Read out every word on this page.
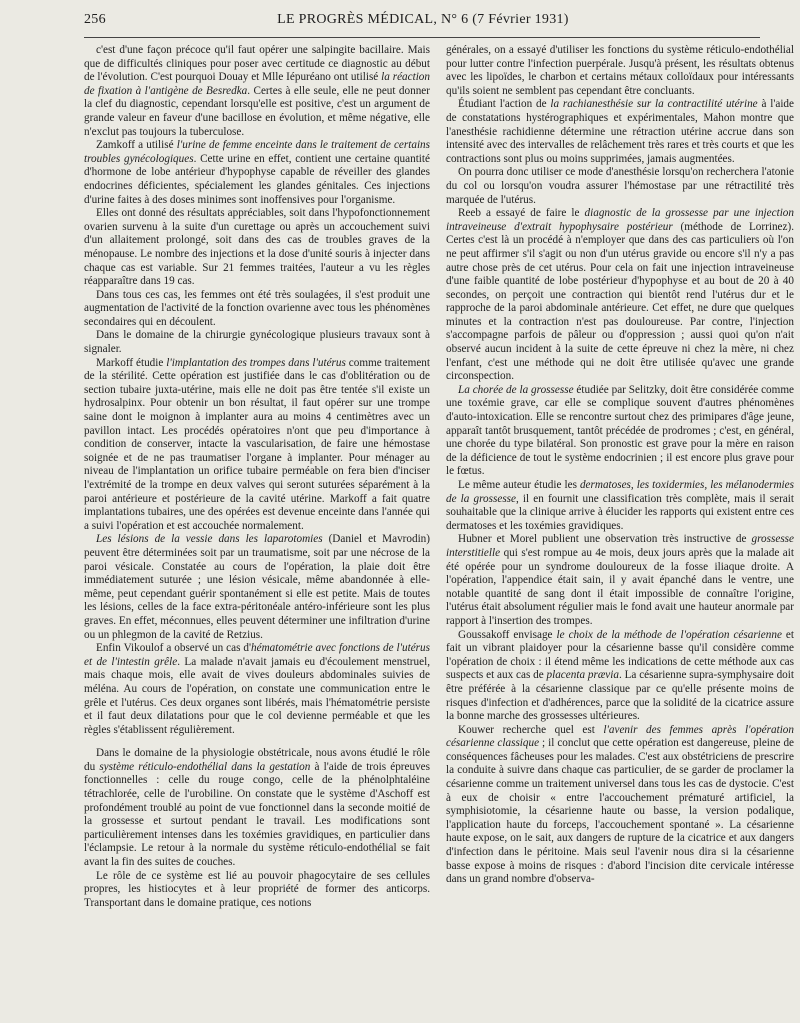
256	LE PROGRÈS MÉDICAL, N° 6 (7 Février 1931)

c'est d'une façon précoce qu'il faut opérer une salpingite bacillaire. Mais que de difficultés cliniques pour poser avec certitude ce diagnostic au début de l'évolution. C'est pourquoi Douay et Mlle Iépuréano ont utilisé la réaction de fixation à l'antigène de Besredka. Certes à elle seule, elle ne peut donner la clef du diagnostic, cependant lorsqu'elle est positive, c'est un argument de grande valeur en faveur d'une bacillose en évolution, et même négative, elle n'exclut pas toujours la tuberculose.

Zamkoff a utilisé l'urine de femme enceinte dans le traitement de certains troubles gynécologiques. Cette urine en effet, contient une certaine quantité d'hormone de lobe antérieur d'hypophyse capable de réveiller des glandes endocrines déficientes, spécialement les glandes génitales. Ces injections d'urine faites à des doses minimes sont inoffensives pour l'organisme.

Elles ont donné des résultats appréciables, soit dans l'hypofonctionnement ovarien survenu à la suite d'un curettage ou après un accouchement suivi d'un allaitement prolongé, soit dans des cas de troubles graves de la ménopause. Le nombre des injections et la dose d'unité souris à injecter dans chaque cas est variable. Sur 21 femmes traitées, l'auteur a vu les règles réapparaître dans 19 cas.

Dans tous ces cas, les femmes ont été très soulagées, il s'est produit une augmentation de l'activité de la fonction ovarienne avec tous les phénomènes secondaires qui en découlent.

Dans le domaine de la chirurgie gynécologique plusieurs travaux sont à signaler.

Markoff étudie l'implantation des trompes dans l'utérus comme traitement de la stérilité. Cette opération est justifiée dans le cas d'oblitération ou de section tubaire juxta-utérine, mais elle ne doit pas être tentée s'il existe un hydrosalpinx. Pour obtenir un bon résultat, il faut opérer sur une trompe saine dont le moignon à implanter aura au moins 4 centimètres avec un pavillon intact. Les procédés opératoires n'ont que peu d'importance à condition de conserver, intacte la vascularisation, de faire une hémostase soignée et de ne pas traumatiser l'organe à implanter. Pour ménager au niveau de l'implantation un orifice tubaire perméable on fera bien d'inciser l'extrémité de la trompe en deux valves qui seront suturées séparément à la paroi antérieure et postérieure de la cavité utérine. Markoff a fait quatre implantations tubaires, une des opérées est devenue enceinte dans l'année qui a suivi l'opération et est accouchée normalement.

Les lésions de la vessie dans les laparotomies (Daniel et Mavrodin) peuvent être déterminées soit par un traumatisme, soit par une nécrose de la paroi vésicale. Constatée au cours de l'opération, la plaie doit être immédiatement suturée ; une lésion vésicale, même abandonnée à elle-même, peut cependant guérir spontanément si elle est petite. Mais de toutes les lésions, celles de la face extra-péritonéale antéro-inférieure sont les plus graves. En effet, méconnues, elles peuvent déterminer une infiltration d'urine ou un phlegmon de la cavité de Retzius.

Enfin Vikoulof a observé un cas d'hématométrie avec fonctions de l'utérus et de l'intestin grêle. La malade n'avait jamais eu d'écoulement menstruel, mais chaque mois, elle avait de vives douleurs abdominales suivies de méléna. Au cours de l'opération, on constate une communication entre le grêle et l'utérus. Ces deux organes sont libérés, mais l'hématométrie persiste et il faut deux dilatations pour que le col devienne perméable et que les règles s'établissent régulièrement.

Dans le domaine de la physiologie obstétricale, nous avons étudié le rôle du système réticulo-endothélial dans la gestation à l'aide de trois épreuves fonctionnelles : celle du rouge congo, celle de la phénolphtaléine tétrachlorée, celle de l'urobiline. On constate que le système d'Aschoff est profondément troublé au point de vue fonctionnel dans la seconde moitié de la grossesse et surtout pendant le travail. Les modifications sont particulièrement intenses dans les toxémies gravidiques, en particulier dans l'éclampsie. Le retour à la normale du système réticulo-endothélial se fait avant la fin des suites de couches.

Le rôle de ce système est lié au pouvoir phagocytaire de ses cellules propres, les histiocytes et à leur propriété de former des anticorps. Transportant dans le domaine pratique, ces notions

générales, on a essayé d'utiliser les fonctions du système réticulo-endothélial pour lutter contre l'infection puerpérale. Jusqu'à présent, les résultats obtenus avec les lipoïdes, le charbon et certains métaux colloïdaux pour intéressants qu'ils soient ne semblent pas cependant être concluants.

Étudiant l'action de la rachianesthésie sur la contractilité utérine à l'aide de constatations hystérographiques et expérimentales, Mahon montre que l'anesthésie rachidienne détermine une rétraction utérine accrue dans son intensité avec des intervalles de relâchement très rares et très courts et que les contractions sont plus ou moins supprimées, jamais augmentées.

On pourra donc utiliser ce mode d'anesthésie lorsqu'on recherchera l'atonie du col ou lorsqu'on voudra assurer l'hémostase par une rétractilité très marquée de l'utérus.

Reeb a essayé de faire le diagnostic de la grossesse par une injection intraveineuse d'extrait hypophysaire postérieur (méthode de Lorrinez). Certes c'est là un procédé à n'employer que dans des cas particuliers où l'on ne peut affirmer s'il s'agit ou non d'un utérus gravide ou encore s'il n'y a pas autre chose près de cet utérus. Pour cela on fait une injection intraveineuse d'une faible quantité de lobe postérieur d'hypophyse et au bout de 20 à 40 secondes, on perçoit une contraction qui bientôt rend l'utérus dur et le rapproche de la paroi abdominale antérieure. Cet effet, ne dure que quelques minutes et la contraction n'est pas douloureuse. Par contre, l'injection s'accompagne parfois de pâleur ou d'oppression ; aussi quoi qu'on n'ait observé aucun incident à la suite de cette épreuve ni chez la mère, ni chez l'enfant, c'est une méthode qui ne doit être utilisée qu'avec une grande circonspection.

La chorée de la grossesse étudiée par Selitzky, doit être considérée comme une toxémie grave, car elle se complique souvent d'autres phénomènes d'auto-intoxication. Elle se rencontre surtout chez des primipares d'âge jeune, apparaît tantôt brusquement, tantôt précédée de prodromes ; c'est, en général, une chorée du type bilatéral. Son pronostic est grave pour la mère en raison de la déficience de tout le système endocrinien ; il est encore plus grave pour le fœtus.

Le même auteur étudie les dermatoses, les toxidermies, les mélanodermies de la grossesse, il en fournit une classification très complète, mais il serait souhaitable que la clinique arrive à élucider les rapports qui existent entre ces dermatoses et les toxémies gravidiques.

Hubner et Morel publient une observation très instructive de grossesse interstitielle qui s'est rompue au 4e mois, deux jours après que la malade ait été opérée pour un syndrome douloureux de la fosse iliaque droite. A l'opération, l'appendice était sain, il y avait épanché dans le ventre, une notable quantité de sang dont il était impossible de connaître l'origine, l'utérus était absolument régulier mais le fond avait une hauteur anormale par rapport à l'insertion des trompes.

Goussakoff envisage le choix de la méthode de l'opération césarienne et fait un vibrant plaidoyer pour la césarienne basse qu'il considère comme l'opération de choix : il étend même les indications de cette méthode aux cas suspects et aux cas de placenta prævia. La césarienne supra-symphysaire doit être préférée à la césarienne classique par ce qu'elle présente moins de risques d'infection et d'adhérences, parce que la solidité de la cicatrice assure la bonne marche des grossesses ultérieures.

Kouwer recherche quel est l'avenir des femmes après l'opération césarienne classique ; il conclut que cette opération est dangereuse, pleine de conséquences fâcheuses pour les malades. C'est aux obstétriciens de prescrire la conduite à suivre dans chaque cas particulier, de se garder de proclamer la césarienne comme un traitement universel dans tous les cas de dystocie. C'est à eux de choisir « entre l'accouchement prématuré artificiel, la symphisiotomie, la césarienne haute ou basse, la version podalique, l'application haute du forceps, l'accouchement spontané ». La césarienne haute expose, on le sait, aux dangers de rupture de la cicatrice et aux dangers d'infection dans le péritoine. Mais seul l'avenir nous dira si la césarienne basse expose à moins de risques : d'abord l'incision dite cervicale intéresse dans un grand nombre d'observa-
